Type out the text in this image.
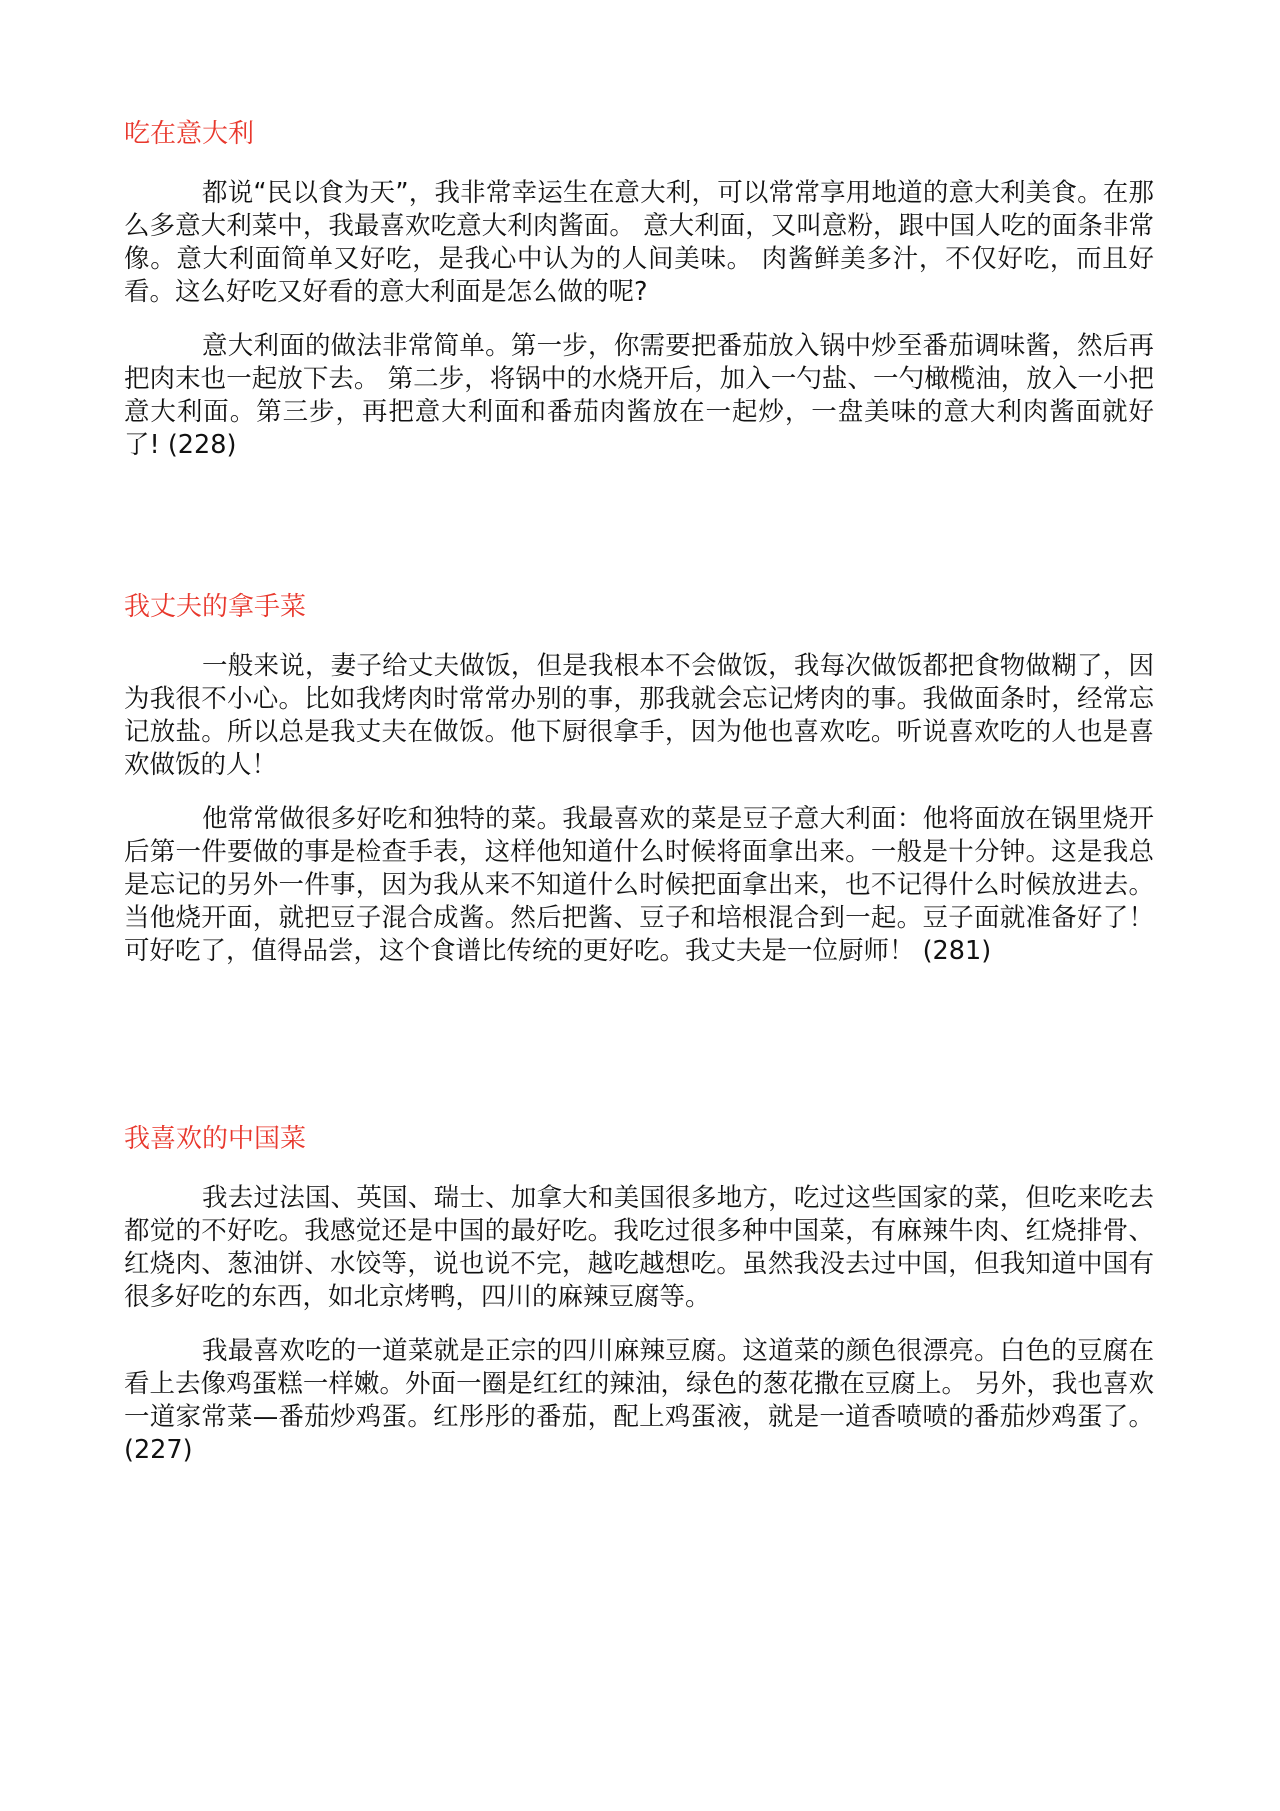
吃在意大利

都说“民以食为天”，我非常幸运生在意大利，可以常常享用地道的意大利美食。在那么多意大利菜中，我最喜欢吃意大利肉酱面。 意大利面，又叫意粉，跟中国人吃的面条非常像。意大利面简单又好吃，是我心中认为的人间美味。 肉酱鲜美多汁，不仅好吃，而且好看。这么好吃又好看的意大利面是怎么做的呢?

意大利面的做法非常简单。第一步，你需要把番茄放入锅中炒至番茄调味酱，然后再把肉末也一起放下去。 第二步，将锅中的水烧开后，加入一勺盐、一勺橄榄油，放入一小把意大利面。第三步，再把意大利面和番茄肉酱放在一起炒，一盘美味的意大利肉酱面就好了! (228)

我丈夫的拿手菜

一般来说，妻子给丈夫做饭，但是我根本不会做饭，我每次做饭都把食物做糊了，因为我很不小心。比如我烤肉时常常办别的事，那我就会忘记烤肉的事。我做面条时，经常忘记放盐。所以总是我丈夫在做饭。他下厨很拿手，因为他也喜欢吃。听说喜欢吃的人也是喜欢做饭的人！

他常常做很多好吃和独特的菜。我最喜欢的菜是豆子意大利面：他将面放在锅里烧开后第一件要做的事是检查手表，这样他知道什么时候将面拿出来。一般是十分钟。这是我总是忘记的另外一件事，因为我从来不知道什么时候把面拿出来，也不记得什么时候放进去。当他烧开面，就把豆子混合成酱。然后把酱、豆子和培根混合到一起。豆子面就准备好了！ 可好吃了，值得品尝，这个食谱比传统的更好吃。我丈夫是一位厨师！ (281)

我喜欢的中国菜

我去过法国、英国、瑞士、加拿大和美国很多地方，吃过这些国家的菜，但吃来吃去都觉的不好吃。我感觉还是中国的最好吃。我吃过很多种中国菜，有麻辣牛肉、红烧排骨、红烧肉、葱油饼、水饺等，说也说不完，越吃越想吃。虽然我没去过中国，但我知道中国有很多好吃的东西，如北京烤鸭，四川的麻辣豆腐等。

我最喜欢吃的一道菜就是正宗的四川麻辣豆腐。这道菜的颜色很漂亮。白色的豆腐在看上去像鸡蛋糕一样嫩。外面一圈是红红的辣油，绿色的葱花撒在豆腐上。 另外，我也喜欢一道家常菜—番茄炒鸡蛋。红彤彤的番茄，配上鸡蛋液，就是一道香喷喷的番茄炒鸡蛋了。(227)
